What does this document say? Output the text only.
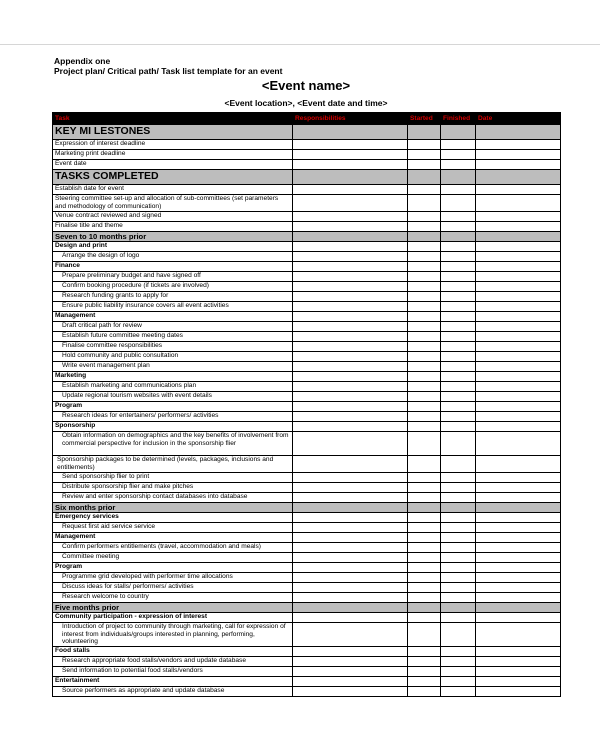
Appendix one
Project plan/ Critical path/ Task list template for an event
<Event name>
<Event location>, <Event date and time>
Task	Responsibilities	Started	Finished	Date
KEY MI LESTONES				
Expression of interest deadline				
Marketing print deadline				
Event date				
TASKS COMPLETED				
Establish date for event				
Steering committee set-up and allocation of sub-committees (set parameters and methodology of communication)				
Venue contract reviewed and signed				
Finalise title and theme				
Seven to 10 months prior				
Design and print				
Arrange the design of logo				
Finance				
Prepare preliminary budget and have signed off				
Confirm booking procedure (if tickets are involved)				
Research funding grants to apply for				
Ensure public liability insurance covers all event activities				
Management				
Draft critical path for review				
Establish future committee meeting dates				
Finalise committee responsibilities				
Hold community and public consultation				
Write event management plan				
Marketing				
Establish marketing and communications plan				
Update regional tourism websites with event details				
Program				
Research ideas for entertainers/ performers/ activities				
Sponsorship				
Obtain information on demographics and the key benefits of involvement from commercial perspective for inclusion in the sponsorship flier				
Sponsorship packages to be determined (levels, packages, inclusions and entitlements)				
Send sponsorship flier to print				
Distribute sponsorship flier and make pitches				
Review and enter sponsorship contact databases into database				
Six months prior				
Emergency services				
Request first aid service service				
Management				
Confirm performers entitlements (travel, accommodation and meals)				
Committee meeting				
Program				
Programme grid developed with performer time allocations				
Discuss ideas for stalls/ performers/ activities				
Research welcome to country				
Five months prior				
Community participation - expression of interest				
Introduction of project to community through marketing, call for expression of interest from individuals/groups interested in planning, performing, volunteering				
Food stalls				
Research appropriate food stalls/vendors and update database				
Send information to potential food stalls/vendors				
Entertainment				
Source performers as appropriate and update database				
